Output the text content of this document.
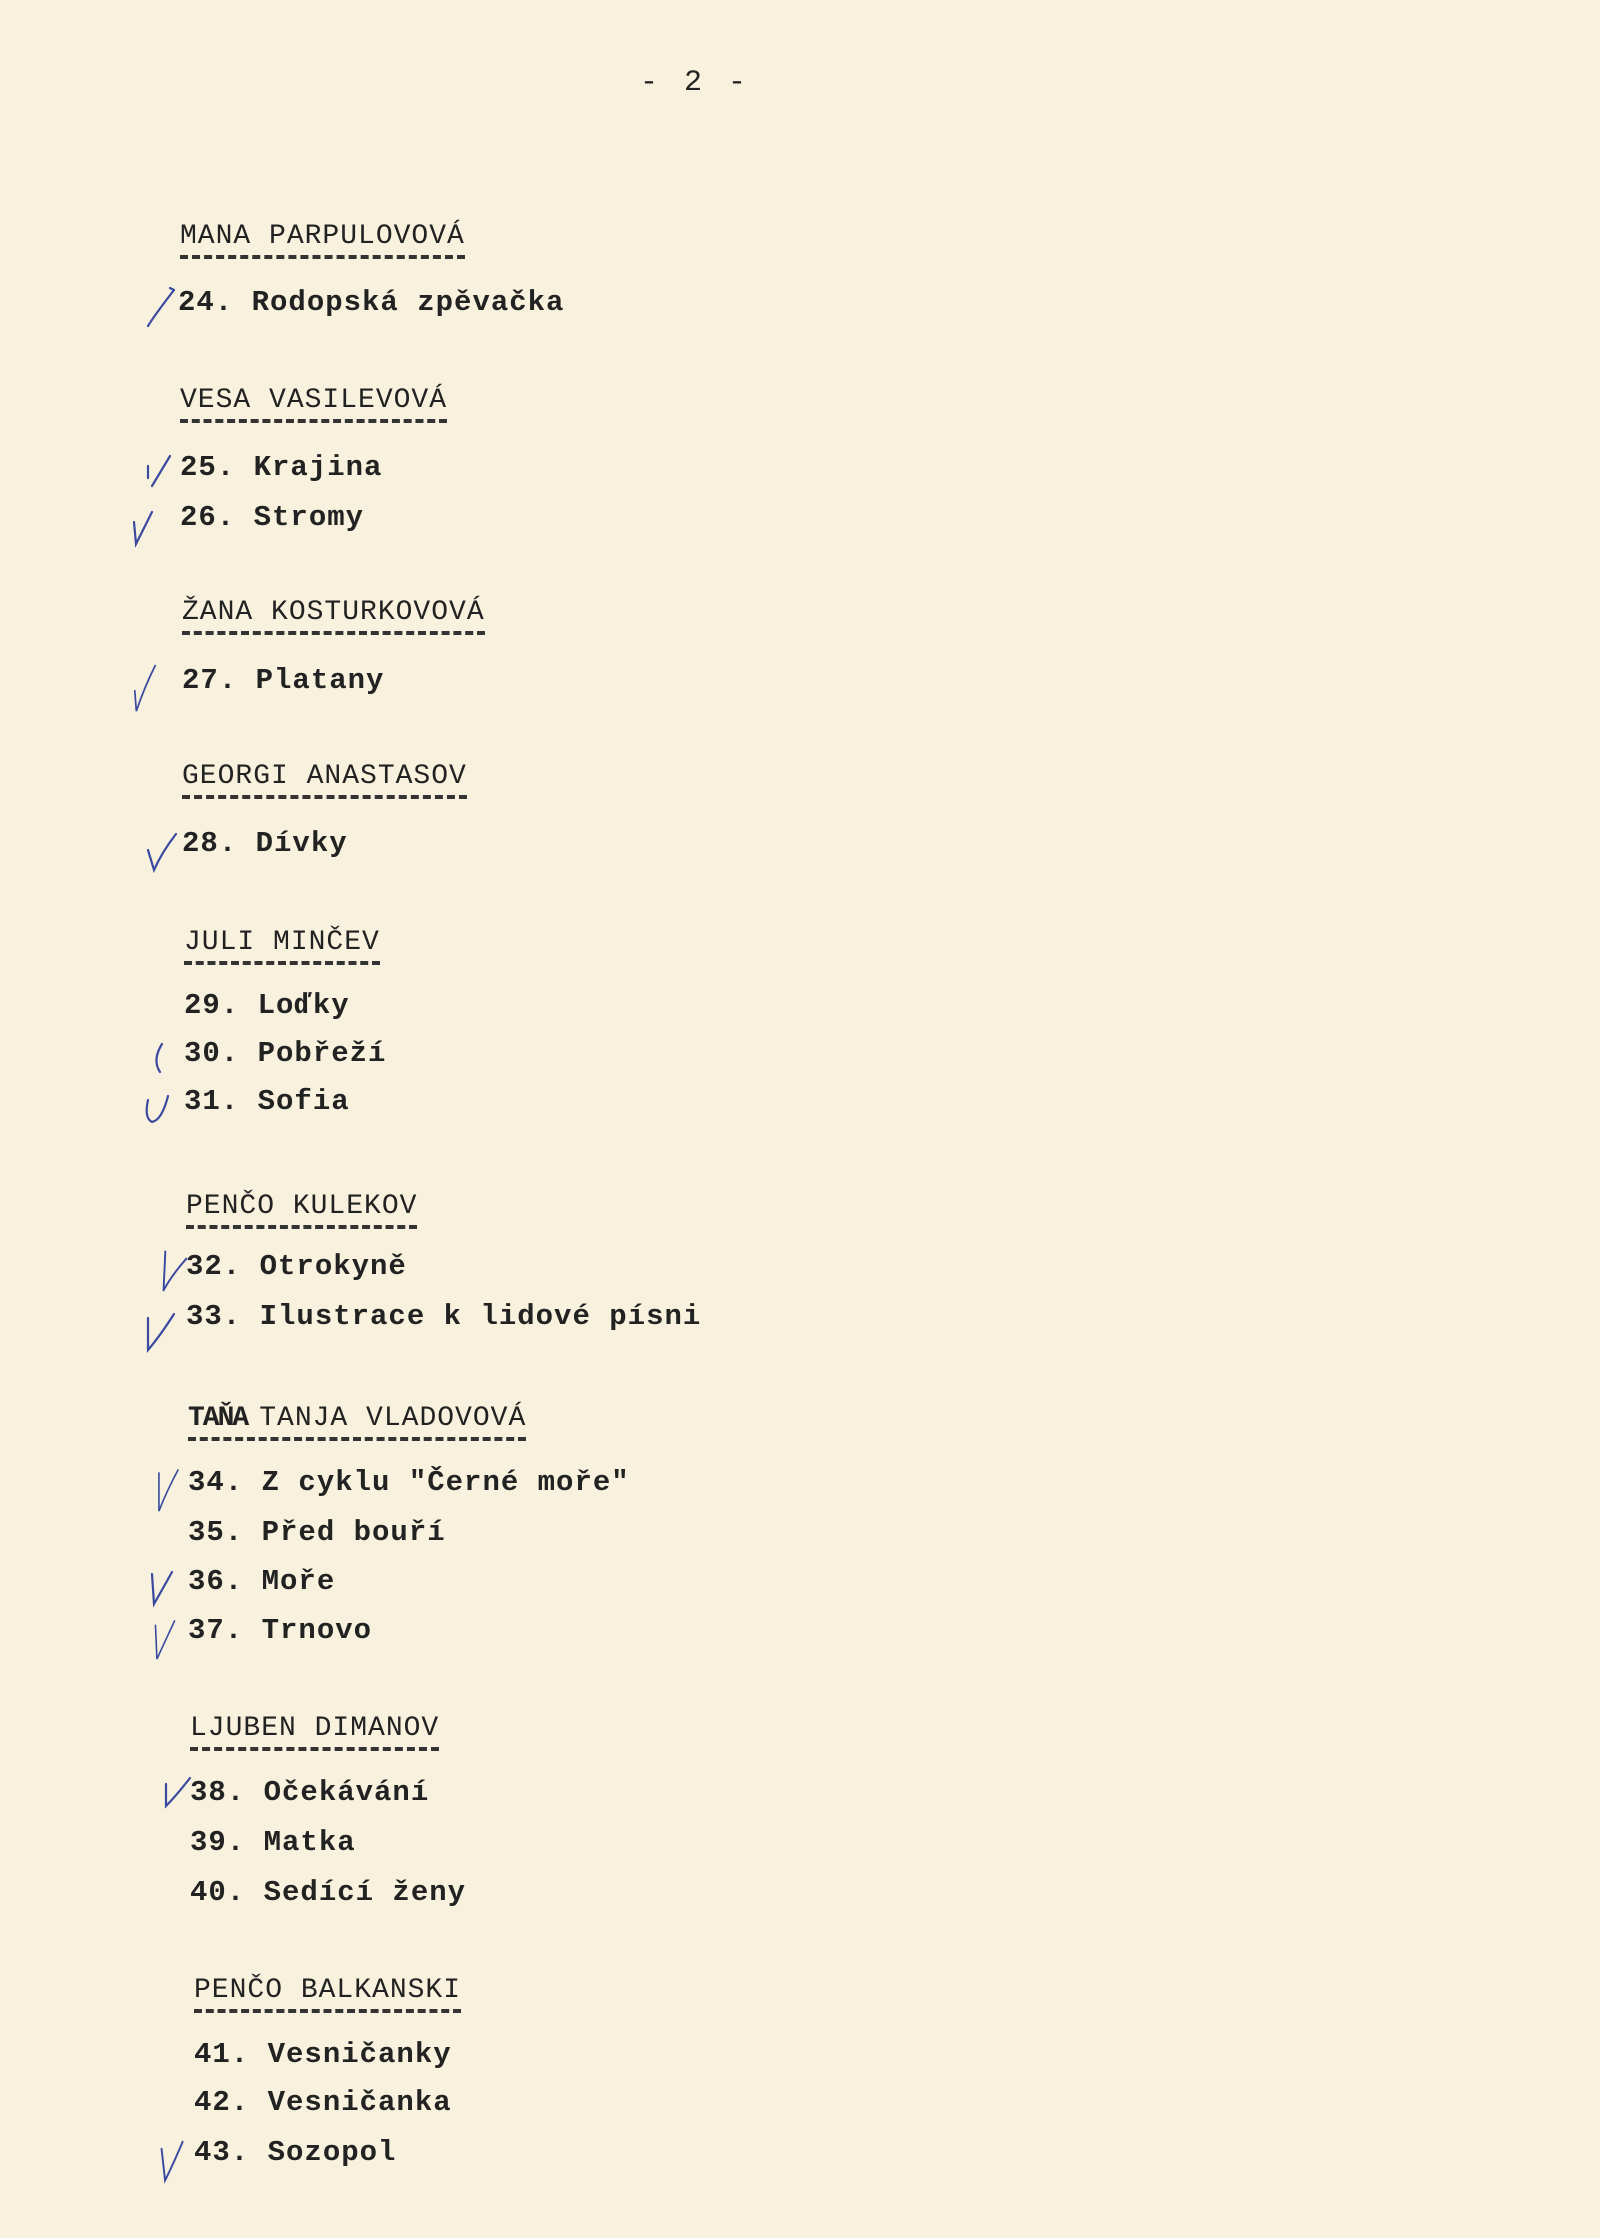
- 2 -
MANA PARPULOVOVÁ
24. Rodopská zpěvačka
VESA VASILEVOVÁ
25. Krajina
26. Stromy
ŽANA KOSTURKOVOVÁ
27. Platany
GEORGI ANASTASOV
28. Dívky
JULI MINČEV
29. Loďky
30. Pobřeží
31. Sofia
PENČO KULEKOV
32. Otrokyně
33. Ilustrace k lidové písni
TAŇA TANJA VLADOVOVÁ
34. Z cyklu "Černé moře"
35. Před bouří
36. Moře
37. Trnovo
LJUBEN DIMANOV
38. Očekávání
39. Matka
40. Sedící ženy
PENČO BALKANSKI
41. Vesničanky
42. Vesničanka
43. Sozopol
